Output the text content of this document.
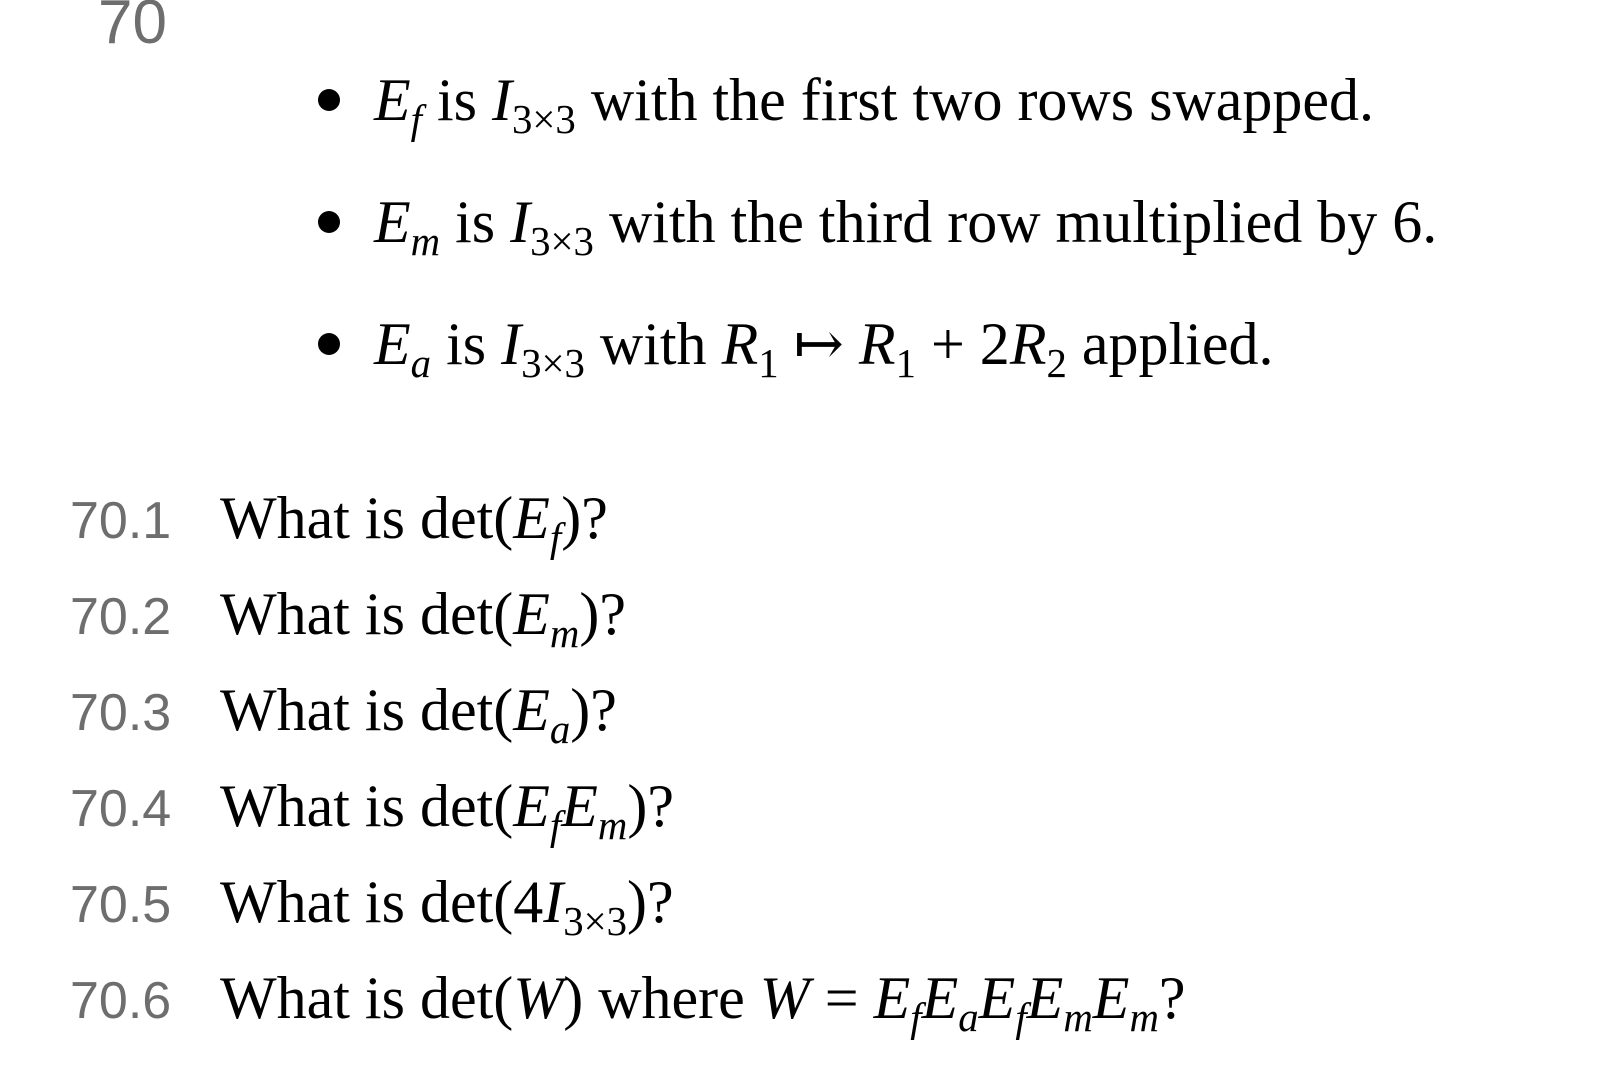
70
$E_f$ is $I_{3\times 3}$ with the first two rows swapped.
$E_m$ is $I_{3\times 3}$ with the third row multiplied by 6.
$E_a$ is $I_{3\times 3}$ with $R_1$ ↦ $R_1 + 2R_2$ applied.
70.1 What is $\det(E_f)$?
70.2 What is $\det(E_m)$?
70.3 What is $\det(E_a)$?
70.4 What is $\det(E_fE_m)$?
70.5 What is $\det(4I_{3\times 3})$?
70.6 What is det(W) where $W = E_fE_aE_fE_mE_m$?
